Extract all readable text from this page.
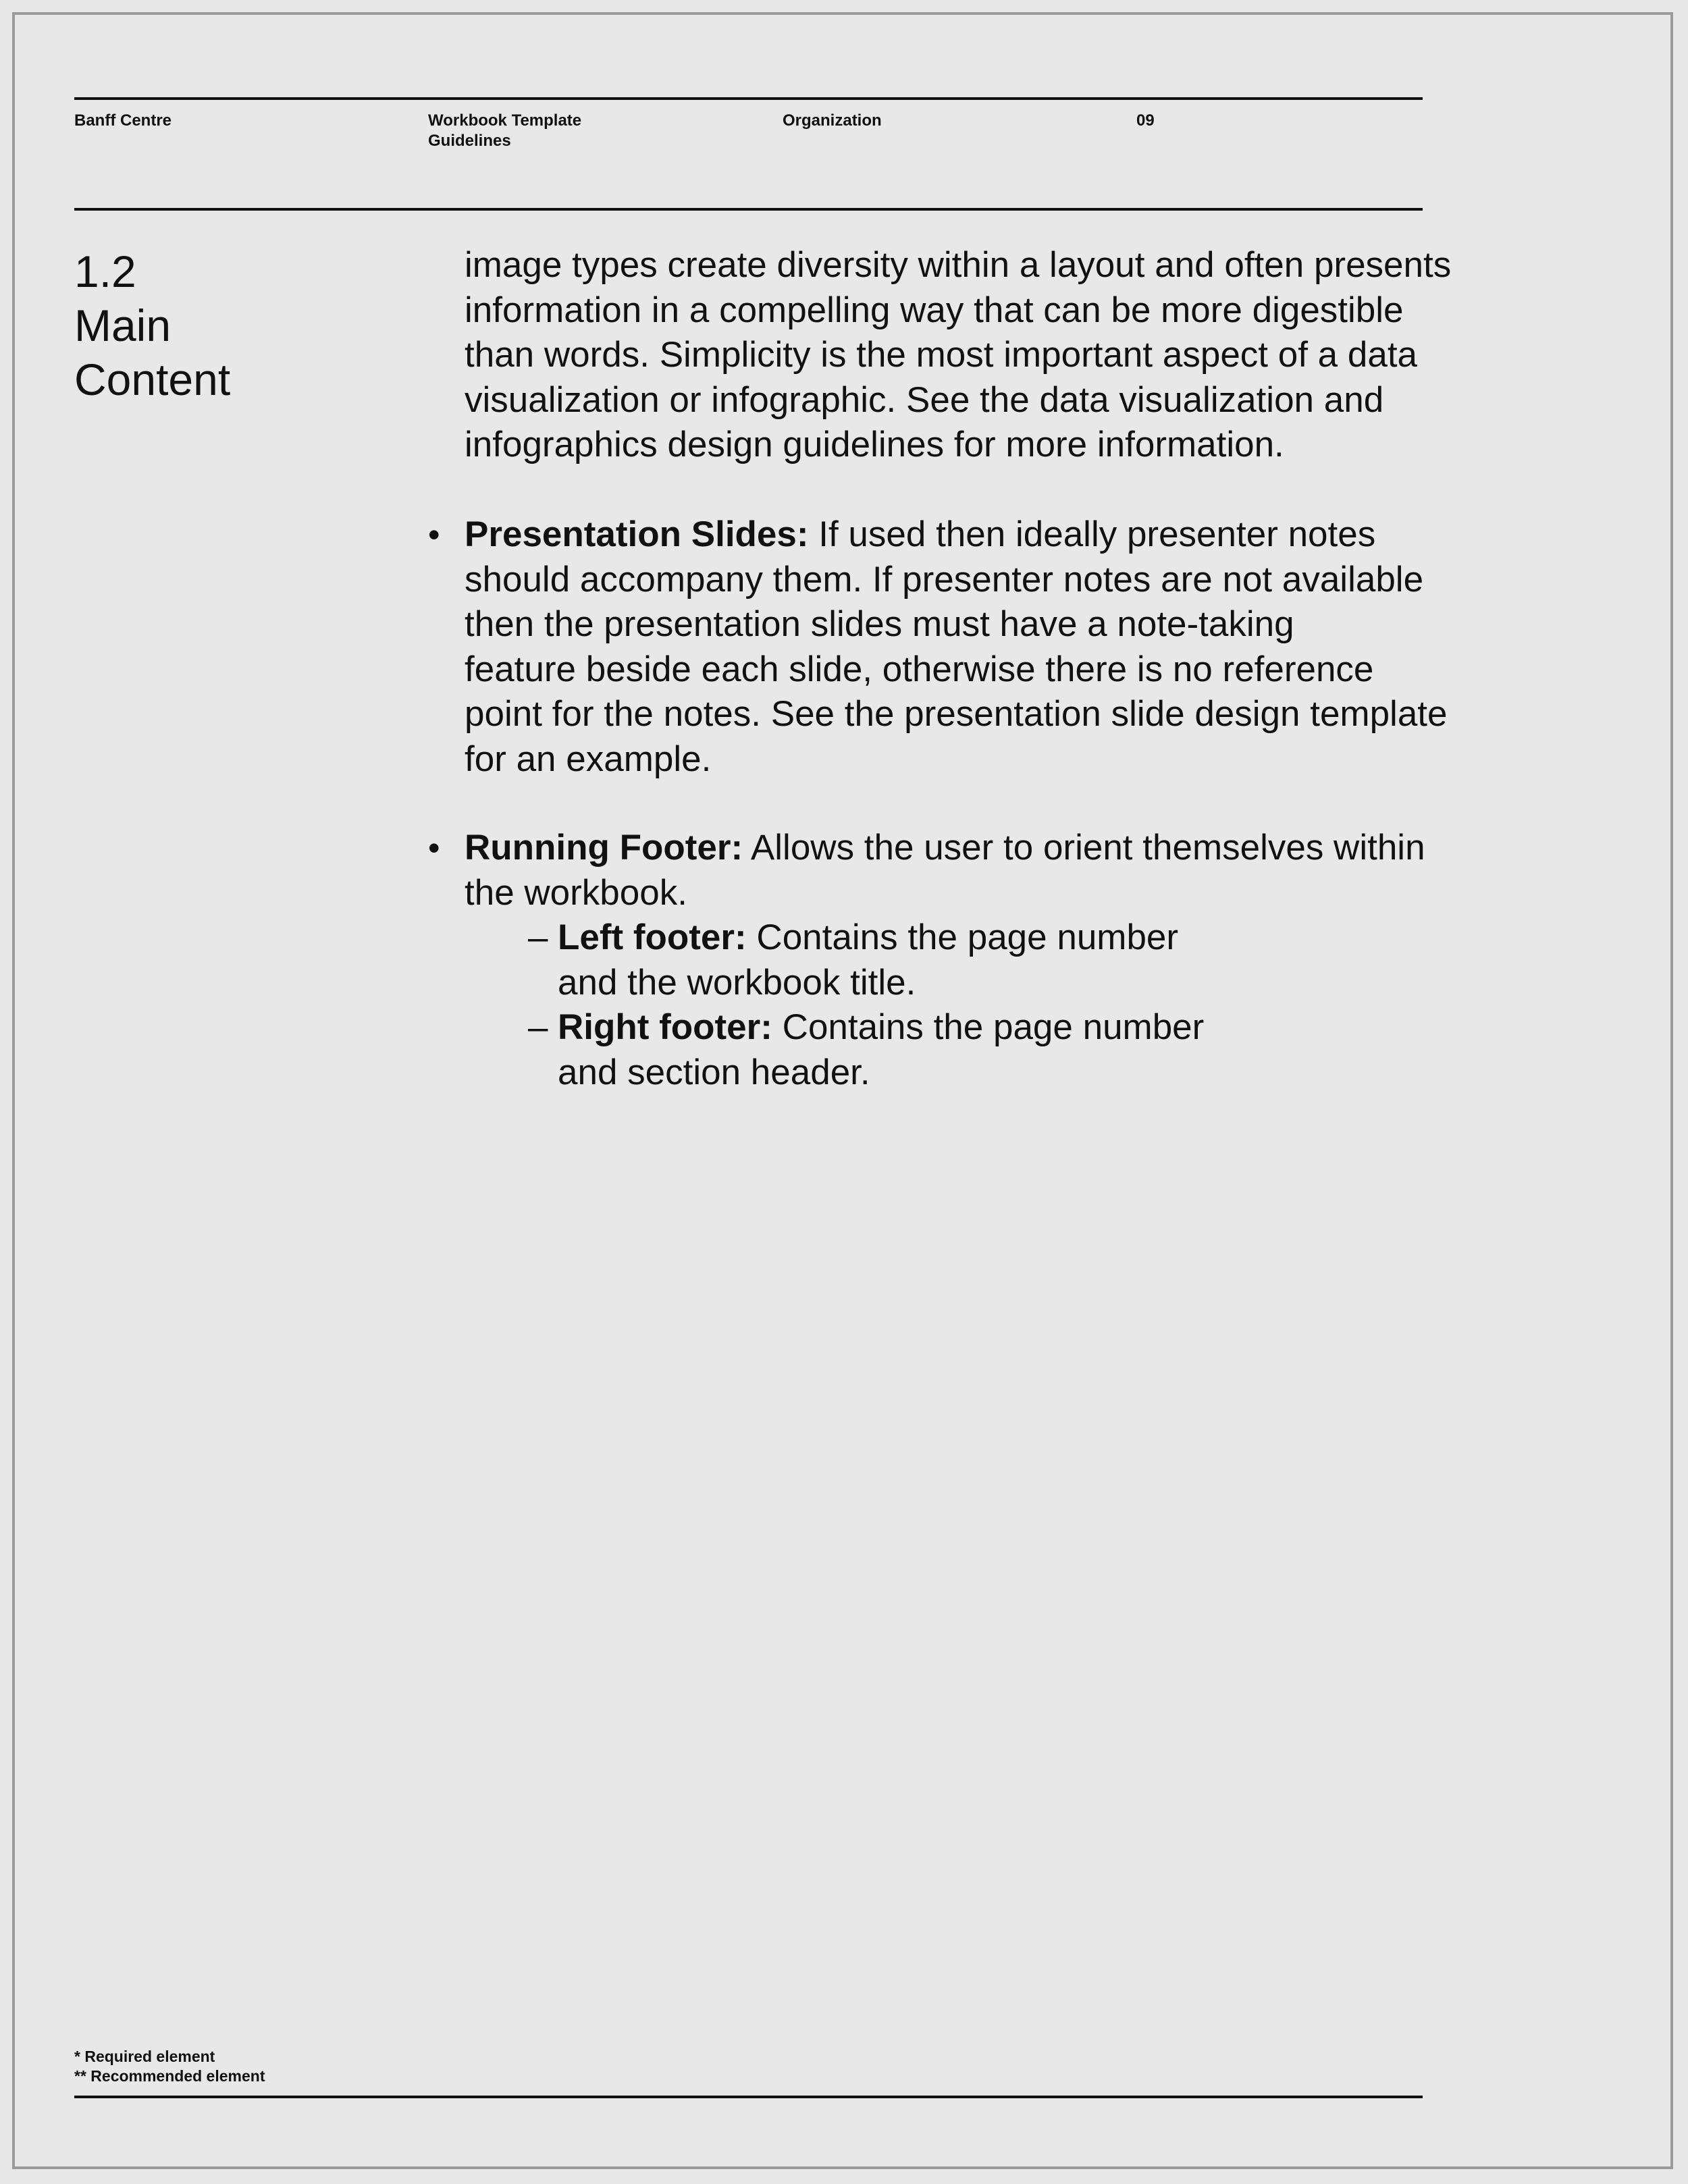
Banff Centre	Workbook Template
Guidelines
Organization	09
1.2
Main
Content
image types create diversity within a layout and often presents
information in a compelling way that can be more digestible
than words. Simplicity is the most important aspect of a data
visualization or infographic. See the data visualization and
infographics design guidelines for more information.
• Presentation Slides: If used then ideally presenter notes
should accompany them. If presenter notes are not available
then the presentation slides must have a note-taking
feature beside each slide, otherwise there is no reference
point for the notes. See the presentation slide design template
for an example.
• Running Footer: Allows the user to orient themselves within
the workbook.
– Left footer: Contains the page number
and the workbook title.
– Right footer: Contains the page number
and section header.
* Required element
** Recommended element
